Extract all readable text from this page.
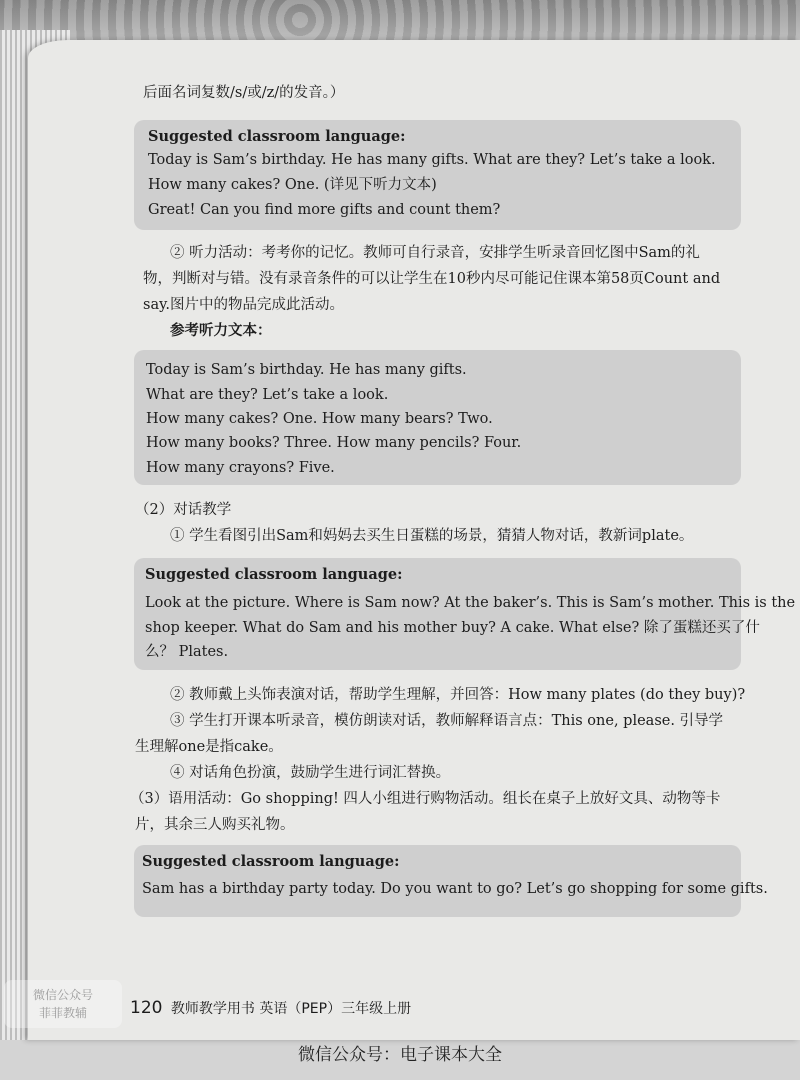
后面名词复数/s/或/z/的发音。）

Suggested classroom language:
Today is Sam’s birthday. He has many gifts. What are they? Let’s take a look.
How many cakes? One. (详见下听力文本)
Great! Can you find more gifts and count them?

② 听力活动：考考你的记忆。教师可自行录音，安排学生听录音回忆图中Sam的礼

物，判断对与错。没有录音条件的可以让学生在10秒内尽可能记住课本第58页Count and

say.图片中的物品完成此活动。

参考听力文本：

Today is Sam’s birthday. He has many gifts.
What are they? Let’s take a look.
How many cakes? One. How many bears? Two.
How many books? Three. How many pencils? Four.
How many crayons? Five.

（2）对话教学

① 学生看图引出Sam和妈妈去买生日蛋糕的场景，猜猜人物对话，教新词plate。

Suggested classroom language:
Look at the picture. Where is Sam now? At the baker’s. This is Sam’s mother. This is the
shop keeper. What do Sam and his mother buy? A cake. What else? 除了蛋糕还买了什
么？ Plates.

② 教师戴上头饰表演对话，帮助学生理解，并回答：How many plates (do they buy)?

③ 学生打开课本听录音，模仿朗读对话，教师解释语言点：This one, please. 引导学

生理解one是指cake。

④ 对话角色扮演，鼓励学生进行词汇替换。

（3）语用活动：Go shopping! 四人小组进行购物活动。组长在桌子上放好文具、动物等卡

片，其余三人购买礼物。

Suggested classroom language:
Sam has a birthday party today. Do you want to go? Let’s go shopping for some gifts.
120 教师教学用书 英语（PEP）三年级上册
微信公众号
菲菲教辅
微信公众号：电子课本大全
